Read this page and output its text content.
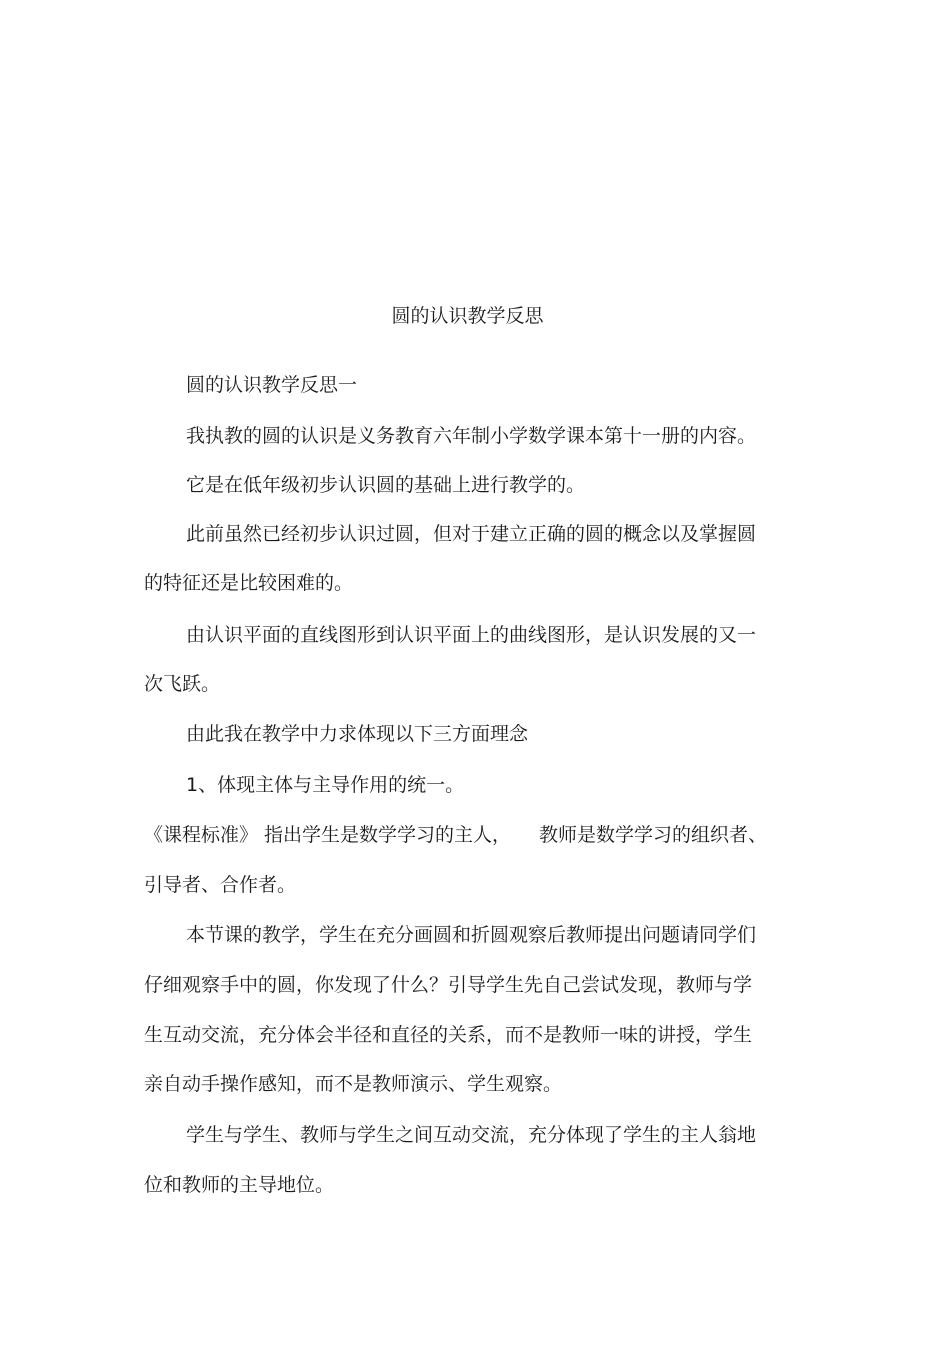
圆的认识教学反思
圆的认识教学反思一
我执教的圆的认识是义务教育六年制小学数学课本第十一册的内容。
它是在低年级初步认识圆的基础上进行教学的。
此前虽然已经初步认识过圆，但对于建立正确的圆的概念以及掌握圆
的特征还是比较困难的。
由认识平面的直线图形到认识平面上的曲线图形，是认识发展的又一
次飞跃。
由此我在教学中力求体现以下三方面理念
1、体现主体与主导作用的统一。
《课程标准》 指出学生是数学学习的主人， 教师是数学学习的组织者、
引导者、合作者。
本节课的教学，学生在充分画圆和折圆观察后教师提出问题请同学们
仔细观察手中的圆，你发现了什么？引导学生先自己尝试发现，教师与学
生互动交流，充分体会半径和直径的关系，而不是教师一味的讲授，学生
亲自动手操作感知，而不是教师演示、学生观察。
学生与学生、教师与学生之间互动交流，充分体现了学生的主人翁地
位和教师的主导地位。
